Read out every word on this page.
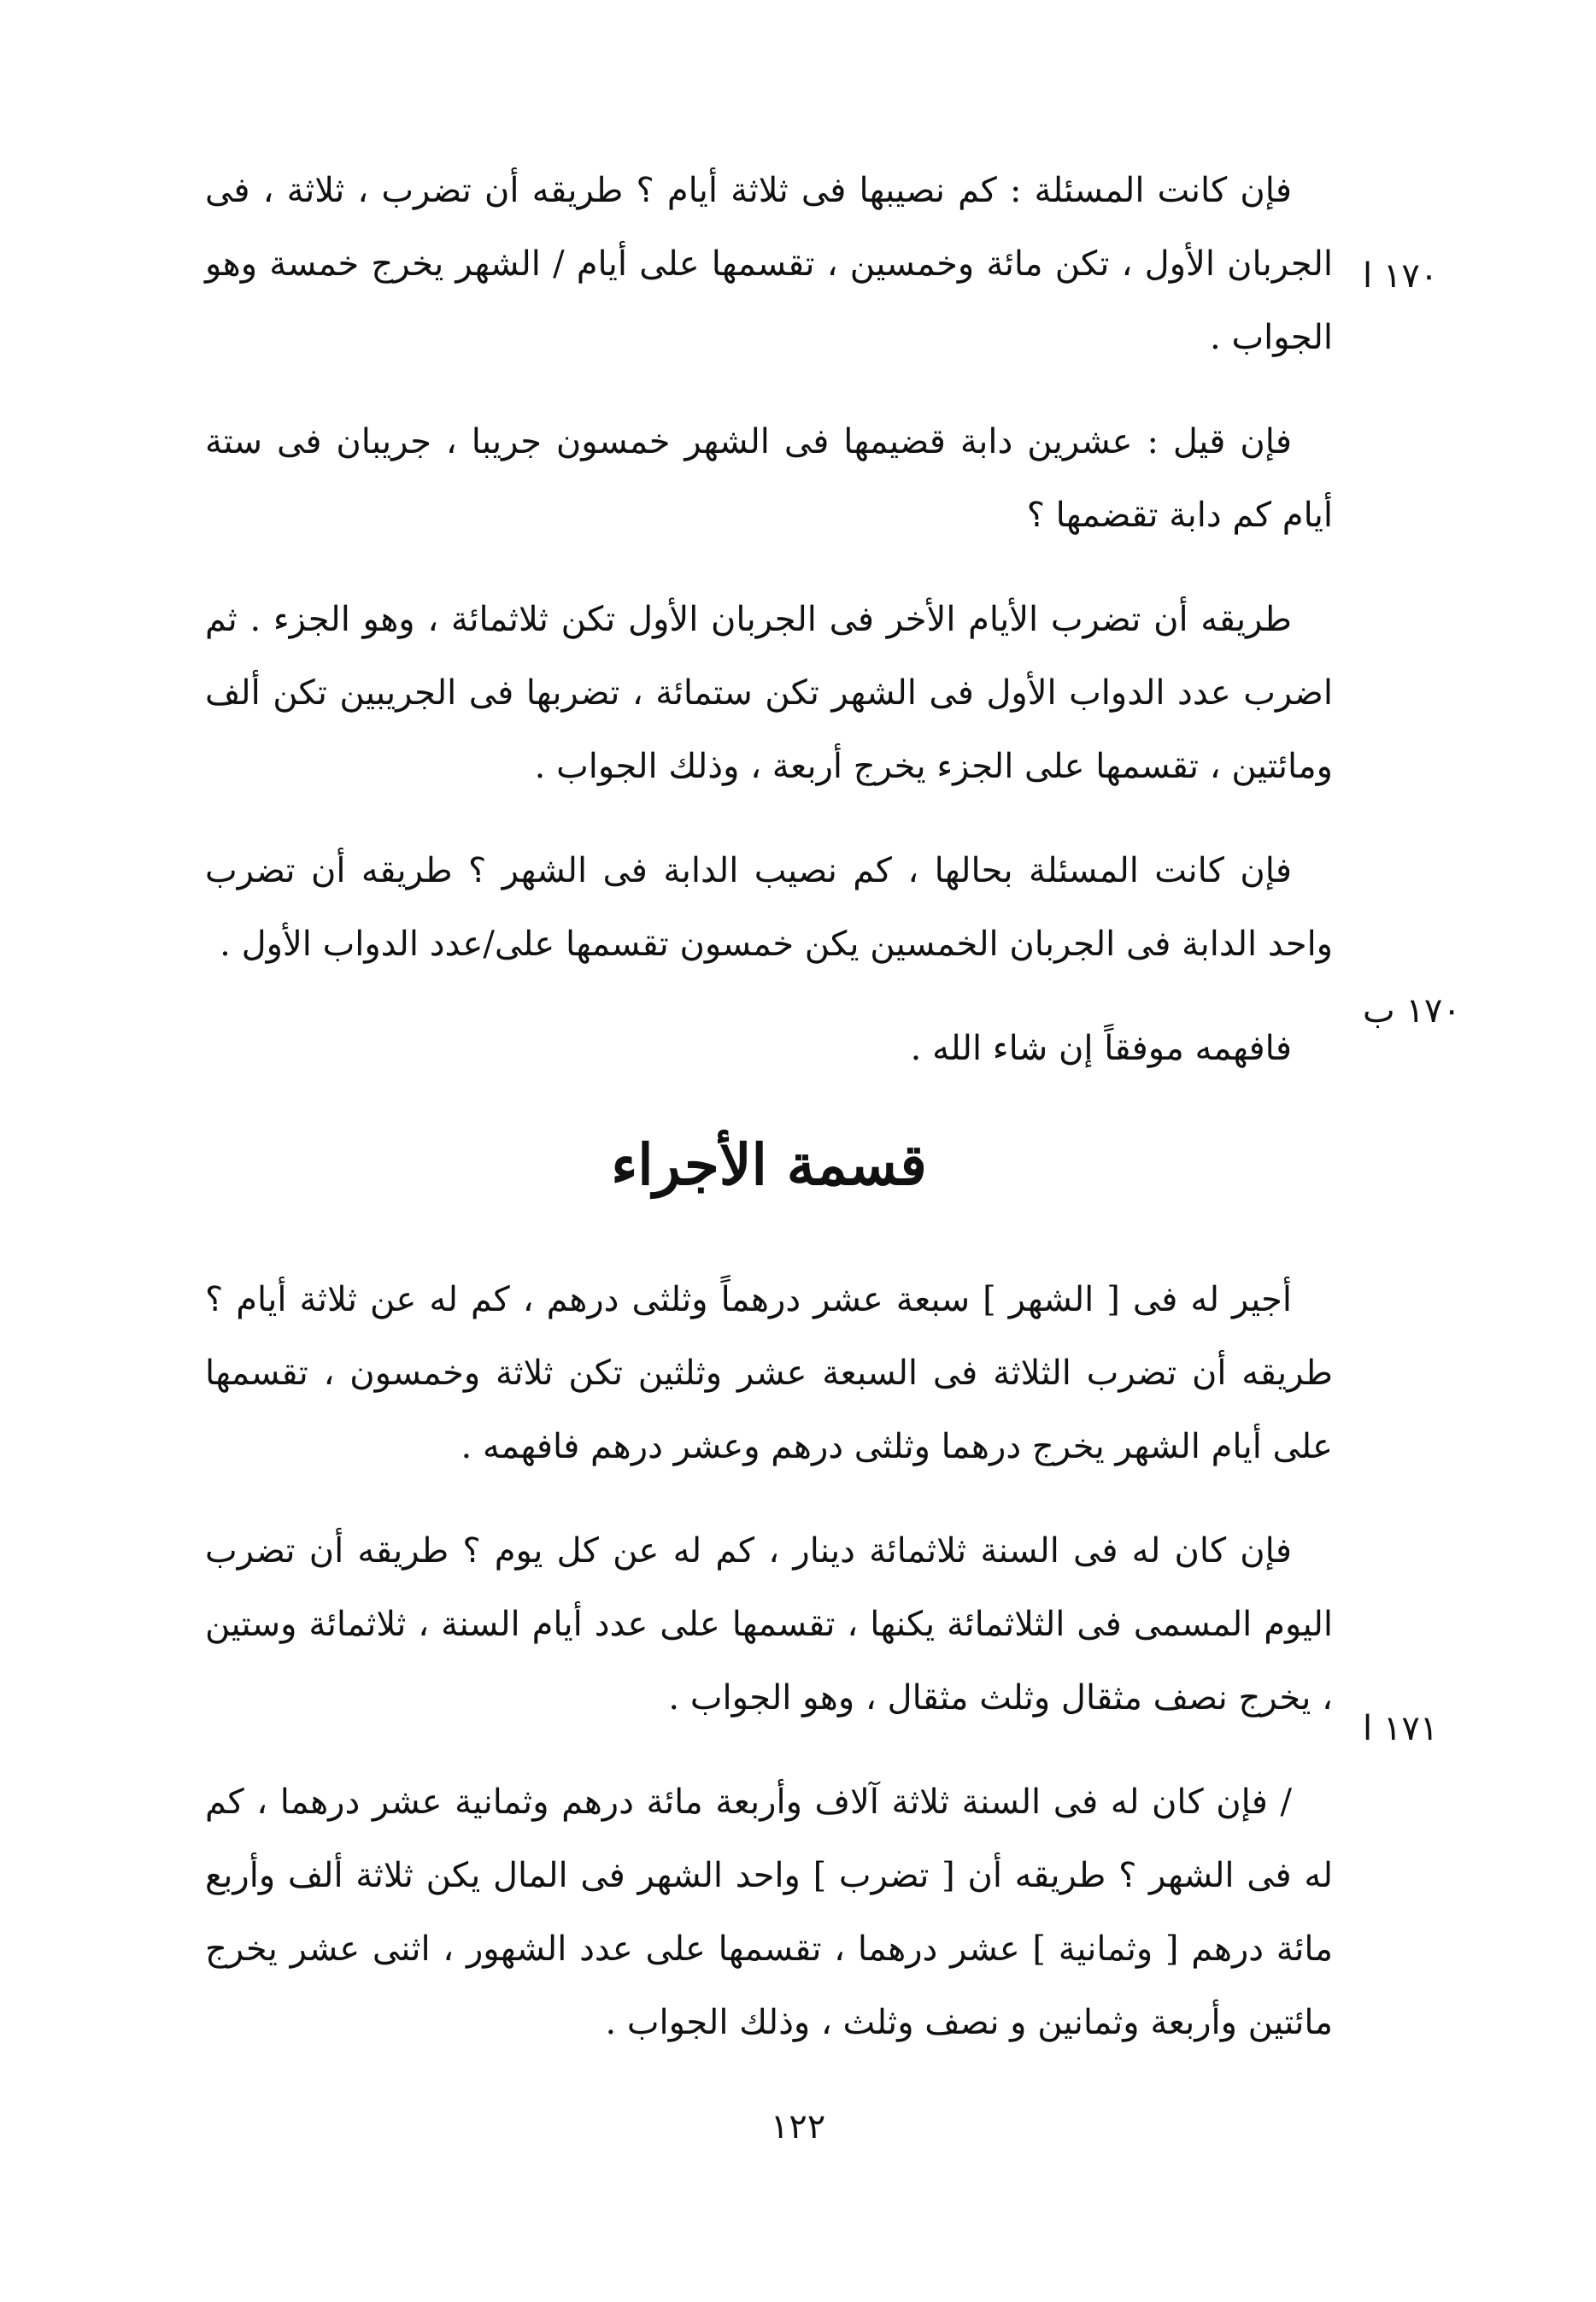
١٧٠ ا
١٧٠ ب
١٧١ ا

فإن كانت المسئلة : كم نصيبها فى ثلاثة أيام ؟ طريقه أن تضرب ، ثلاثة ، فى الجربان الأول ، تكن مائة وخمسين ، تقسمها على أيام / الشهر يخرج خمسة وهو الجواب .

فإن قيل : عشرين دابة قضيمها فى الشهر خمسون جريبا ، جريبان فى ستة أيام كم دابة تقضمها ؟

طريقه أن تضرب الأيام الأخر فى الجربان الأول تكن ثلاثمائة ، وهو الجزء . ثم اضرب عدد الدواب الأول فى الشهر تكن ستمائة ، تضربها فى الجريبين تكن ألف ومائتين ، تقسمها على الجزء يخرج أربعة ، وذلك الجواب .

فإن كانت المسئلة بحالها ، كم نصيب الدابة فى الشهر ؟ طريقه أن تضرب واحد الدابة فى الجربان الخمسين يكن خمسون تقسمها على/عدد الدواب الأول .

فافهمه موفقاً إن شاء الله .

قسمة الأجراء

أجير له فى [ الشهر ] سبعة عشر درهماً وثلثى درهم ، كم له عن ثلاثة أيام ؟ طريقه أن تضرب الثلاثة فى السبعة عشر وثلثين تكن ثلاثة وخمسون ، تقسمها على أيام الشهر يخرج درهما وثلثى درهم وعشر درهم فافهمه .

فإن كان له فى السنة ثلاثمائة دينار ، كم له عن كل يوم ؟ طريقه أن تضرب اليوم المسمى فى الثلاثمائة يكنها ، تقسمها على عدد أيام السنة ، ثلاثمائة وستين ، يخرج نصف مثقال وثلث مثقال ، وهو الجواب .

/ فإن كان له فى السنة ثلاثة آلاف وأربعة مائة درهم وثمانية عشر درهما ، كم له فى الشهر ؟ طريقه أن [ تضرب ] واحد الشهر فى المال يكن ثلاثة ألف وأربع مائة درهم [ وثمانية ] عشر درهما ، تقسمها على عدد الشهور ، اثنى عشر يخرج مائتين وأربعة وثمانين و نصف وثلث ، وذلك الجواب .

١٢٢
